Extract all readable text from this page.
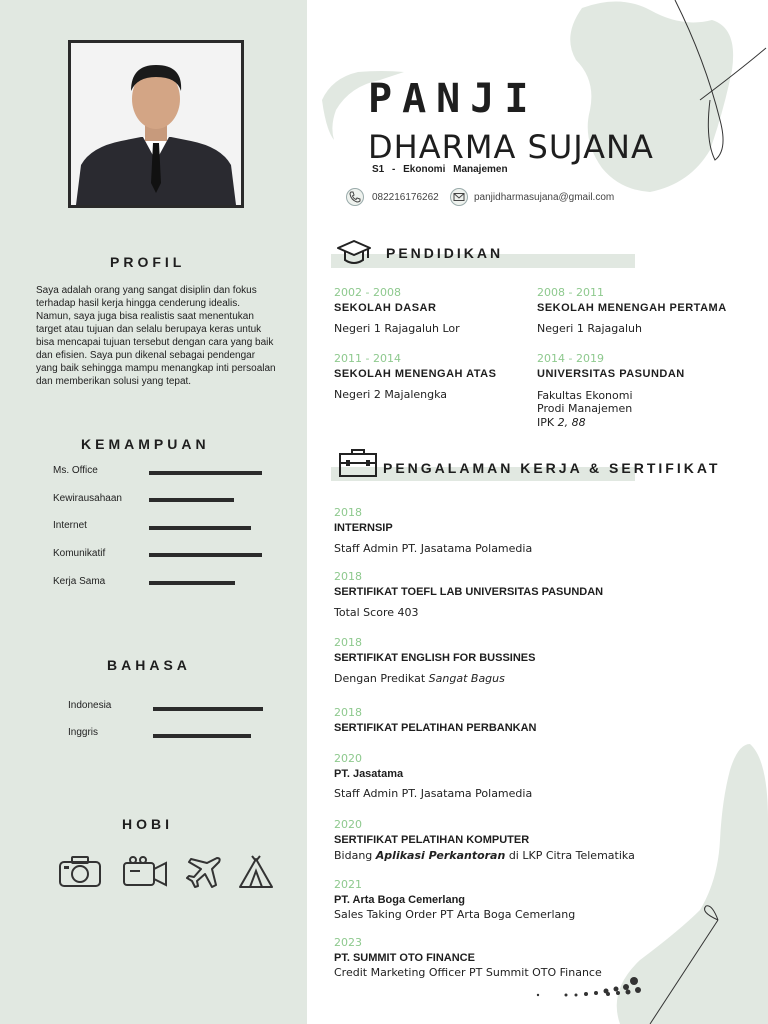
PROFIL
Saya adalah orang yang sangat disiplin dan fokus terhadap hasil kerja hingga cenderung idealis. Namun, saya juga bisa realistis saat menentukan target atau tujuan dan selalu berupaya keras untuk bisa mencapai tujuan tersebut dengan cara yang baik dan efisien. Saya pun dikenal sebagai pendengar yang baik sehingga mampu menangkap inti persoalan dan memberikan solusi yang tepat.
KEMAMPUAN
Ms. Office
Kewirausahaan
Internet
Komunikatif
Kerja Sama
BAHASA
Indonesia
Inggris
HOBI
PANJI
DHARMA SUJANA
S1 - Ekonomi Manajemen
082216176262	panjidharmasujana@gmail.com
PENDIDIKAN
2002 - 2008
SEKOLAH DASAR
Negeri 1 Rajagaluh Lor
2008 - 2011
SEKOLAH MENENGAH PERTAMA
Negeri 1 Rajagaluh
2011 - 2014
SEKOLAH MENENGAH ATAS
Negeri 2 Majalengka
2014 - 2019
UNIVERSITAS PASUNDAN
Fakultas Ekonomi
Prodi Manajemen
IPK 2, 88
PENGALAMAN KERJA & SERTIFIKAT
2018
INTERNSIP
Staff Admin PT. Jasatama Polamedia
2018
SERTIFIKAT TOEFL LAB UNIVERSITAS PASUNDAN
Total Score 403
2018
SERTIFIKAT ENGLISH FOR BUSSINES
Dengan Predikat Sangat Bagus
2018
SERTIFIKAT PELATIHAN PERBANKAN
2020
PT. Jasatama
Staff Admin PT. Jasatama Polamedia
2020
SERTIFIKAT PELATIHAN KOMPUTER
Bidang Aplikasi Perkantoran di LKP Citra Telematika
2021
PT. Arta Boga Cemerlang
Sales Taking Order PT Arta Boga Cemerlang
2023
PT. SUMMIT OTO FINANCE
Credit Marketing Officer PT Summit OTO Finance
